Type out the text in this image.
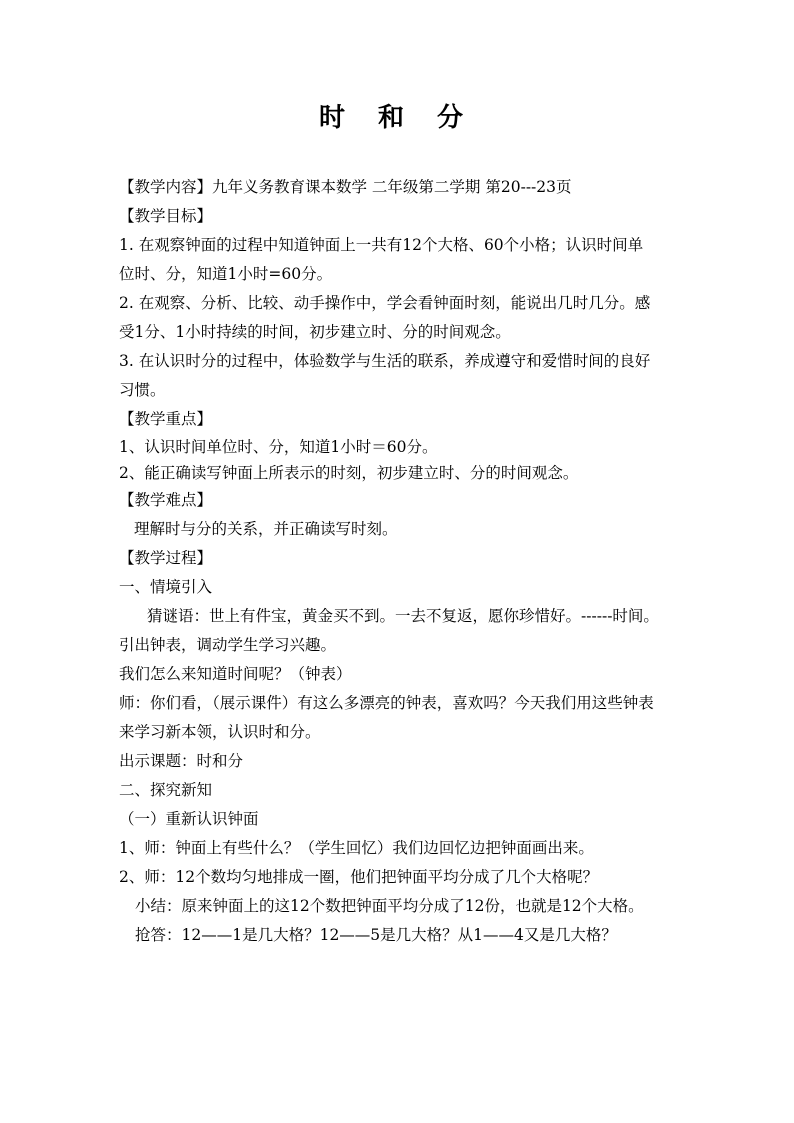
时 和 分
【教学内容】九年义务教育课本数学 二年级第二学期 第20---23页
【教学目标】
1. 在观察钟面的过程中知道钟面上一共有12个大格、60个小格；认识时间单
位时、分，知道1小时=60分。
2. 在观察、分析、比较、动手操作中，学会看钟面时刻，能说出几时几分。感
受1分、1小时持续的时间，初步建立时、分的时间观念。
3. 在认识时分的过程中，体验数学与生活的联系，养成遵守和爱惜时间的良好
习惯。
【教学重点】
1、认识时间单位时、分，知道1小时＝60分。
2、能正确读写钟面上所表示的时刻，初步建立时、分的时间观念。
【教学难点】
理解时与分的关系，并正确读写时刻。
【教学过程】
一、情境引入
猜谜语：世上有件宝，黄金买不到。一去不复返，愿你珍惜好。------时间。
引出钟表，调动学生学习兴趣。
我们怎么来知道时间呢？（钟表）
师：你们看，（展示课件）有这么多漂亮的钟表，喜欢吗？今天我们用这些钟表
来学习新本领，认识时和分。
出示课题：时和分
二、探究新知
（一）重新认识钟面
1、师：钟面上有些什么？（学生回忆）我们边回忆边把钟面画出来。
2、师：12个数均匀地排成一圈，他们把钟面平均分成了几个大格呢？
小结：原来钟面上的这12个数把钟面平均分成了12份，也就是12个大格。
抢答：12——1是几大格？12——5是几大格？从1——4又是几大格？
